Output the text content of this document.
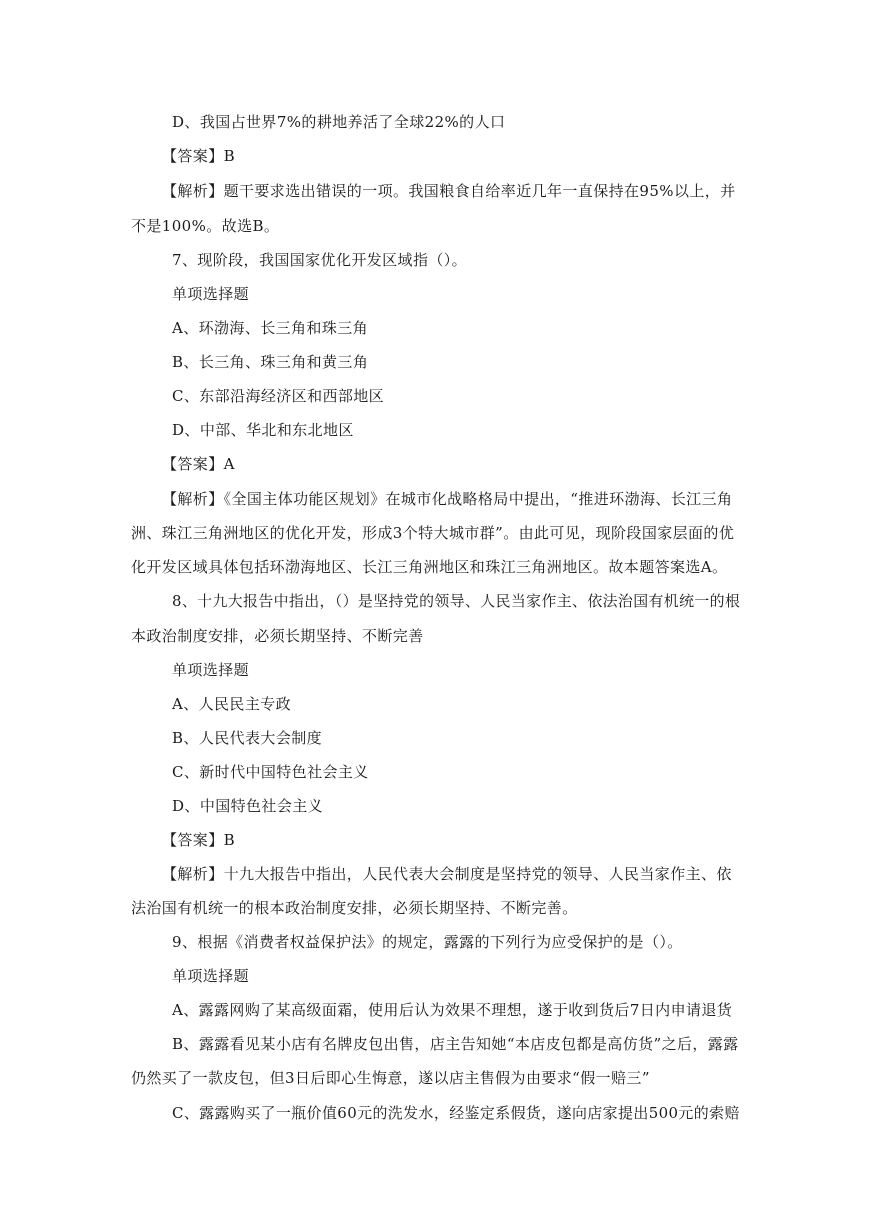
D、我国占世界7%的耕地养活了全球22%的人口
【答案】B
【解析】题干要求选出错误的一项。我国粮食自给率近几年一直保持在95%以上，并
不是100%。故选B。
7、现阶段，我国国家优化开发区域指（）。
单项选择题
A、环渤海、长三角和珠三角
B、长三角、珠三角和黄三角
C、东部沿海经济区和西部地区
D、中部、华北和东北地区
【答案】A
【解析】《全国主体功能区规划》在城市化战略格局中提出，“推进环渤海、长江三角
洲、珠江三角洲地区的优化开发，形成3个特大城市群”。由此可见，现阶段国家层面的优
化开发区域具体包括环渤海地区、长江三角洲地区和珠江三角洲地区。故本题答案选A。
8、十九大报告中指出，（）是坚持党的领导、人民当家作主、依法治国有机统一的根
本政治制度安排，必须长期坚持、不断完善
单项选择题
A、人民民主专政
B、人民代表大会制度
C、新时代中国特色社会主义
D、中国特色社会主义
【答案】B
【解析】十九大报告中指出，人民代表大会制度是坚持党的领导、人民当家作主、依
法治国有机统一的根本政治制度安排，必须长期坚持、不断完善。
9、根据《消费者权益保护法》的规定，露露的下列行为应受保护的是（）。
单项选择题
A、露露网购了某高级面霜，使用后认为效果不理想，遂于收到货后7日内申请退货
B、露露看见某小店有名牌皮包出售，店主告知她“本店皮包都是高仿货”之后，露露
仍然买了一款皮包，但3日后即心生悔意，遂以店主售假为由要求“假一赔三”
C、露露购买了一瓶价值60元的洗发水，经鉴定系假货，遂向店家提出500元的索赔
